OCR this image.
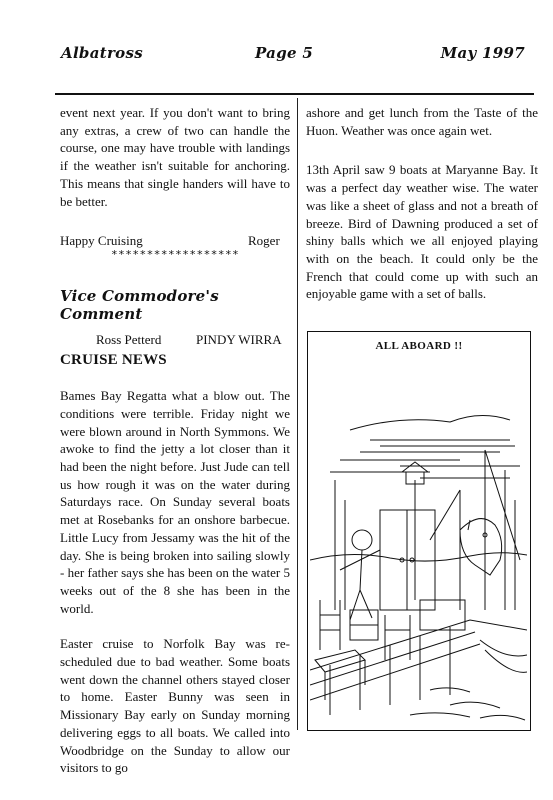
Albatross	Page 5	May 1997

event next year. If you don't want to bring any extras, a crew of two can handle the course, one may have trouble with landings if the weather isn't suitable for anchoring. This means that single handers will have to be better.

Happy Cruising	Roger
******************
Vice Commodore's Comment
Ross Petterd	PINDY WIRRA
CRUISE NEWS

Bames Bay Regatta what a blow out. The conditions were terrible. Friday night we were blown around in North Symmons. We awoke to find the jetty a lot closer than it had been the night before. Just Jude can tell us how rough it was on the water during Saturdays race. On Sunday several boats met at Rosebanks for an onshore barbecue. Little Lucy from Jessamy was the hit of the day. She is being broken into sailing slowly - her father says she has been on the water 5 weeks out of the 8 she has been in the world.

Easter cruise to Norfolk Bay was re-scheduled due to bad weather. Some boats went down the channel others stayed closer to home. Easter Bunny was seen in Missionary Bay early on Sunday morning delivering eggs to all boats. We called into Woodbridge on the Sunday to allow our visitors to go

ashore and get lunch from the Taste of the Huon. Weather was once again wet.

13th April saw 9 boats at Maryanne Bay. It was a perfect day weather wise. The water was like a sheet of glass and not a breath of breeze. Bird of Dawning produced a set of shiny balls which we all enjoyed playing with on the beach. It could only be the French that could come up with such an enjoyable game with a set of balls.

ALL ABOARD !!
